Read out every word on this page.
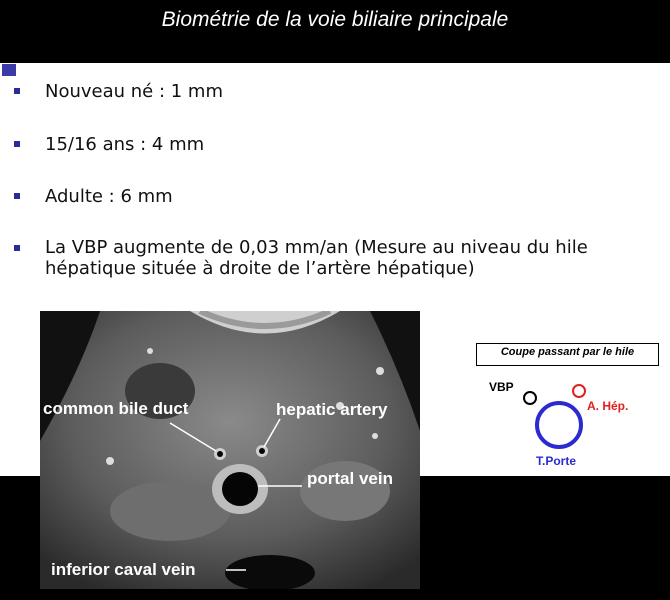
Biométrie de la voie biliaire principale
Nouveau né : 1 mm
15/16 ans : 4 mm
Adulte : 6 mm
La VBP augmente de 0,03 mm/an (Mesure au niveau du hile hépatique située à droite de l’artère hépatique)
Coupe passant par le hile
common bile duct	hepatic artery
portal vein
inferior caval vein
VBP
A. Hép.
T.Porte
